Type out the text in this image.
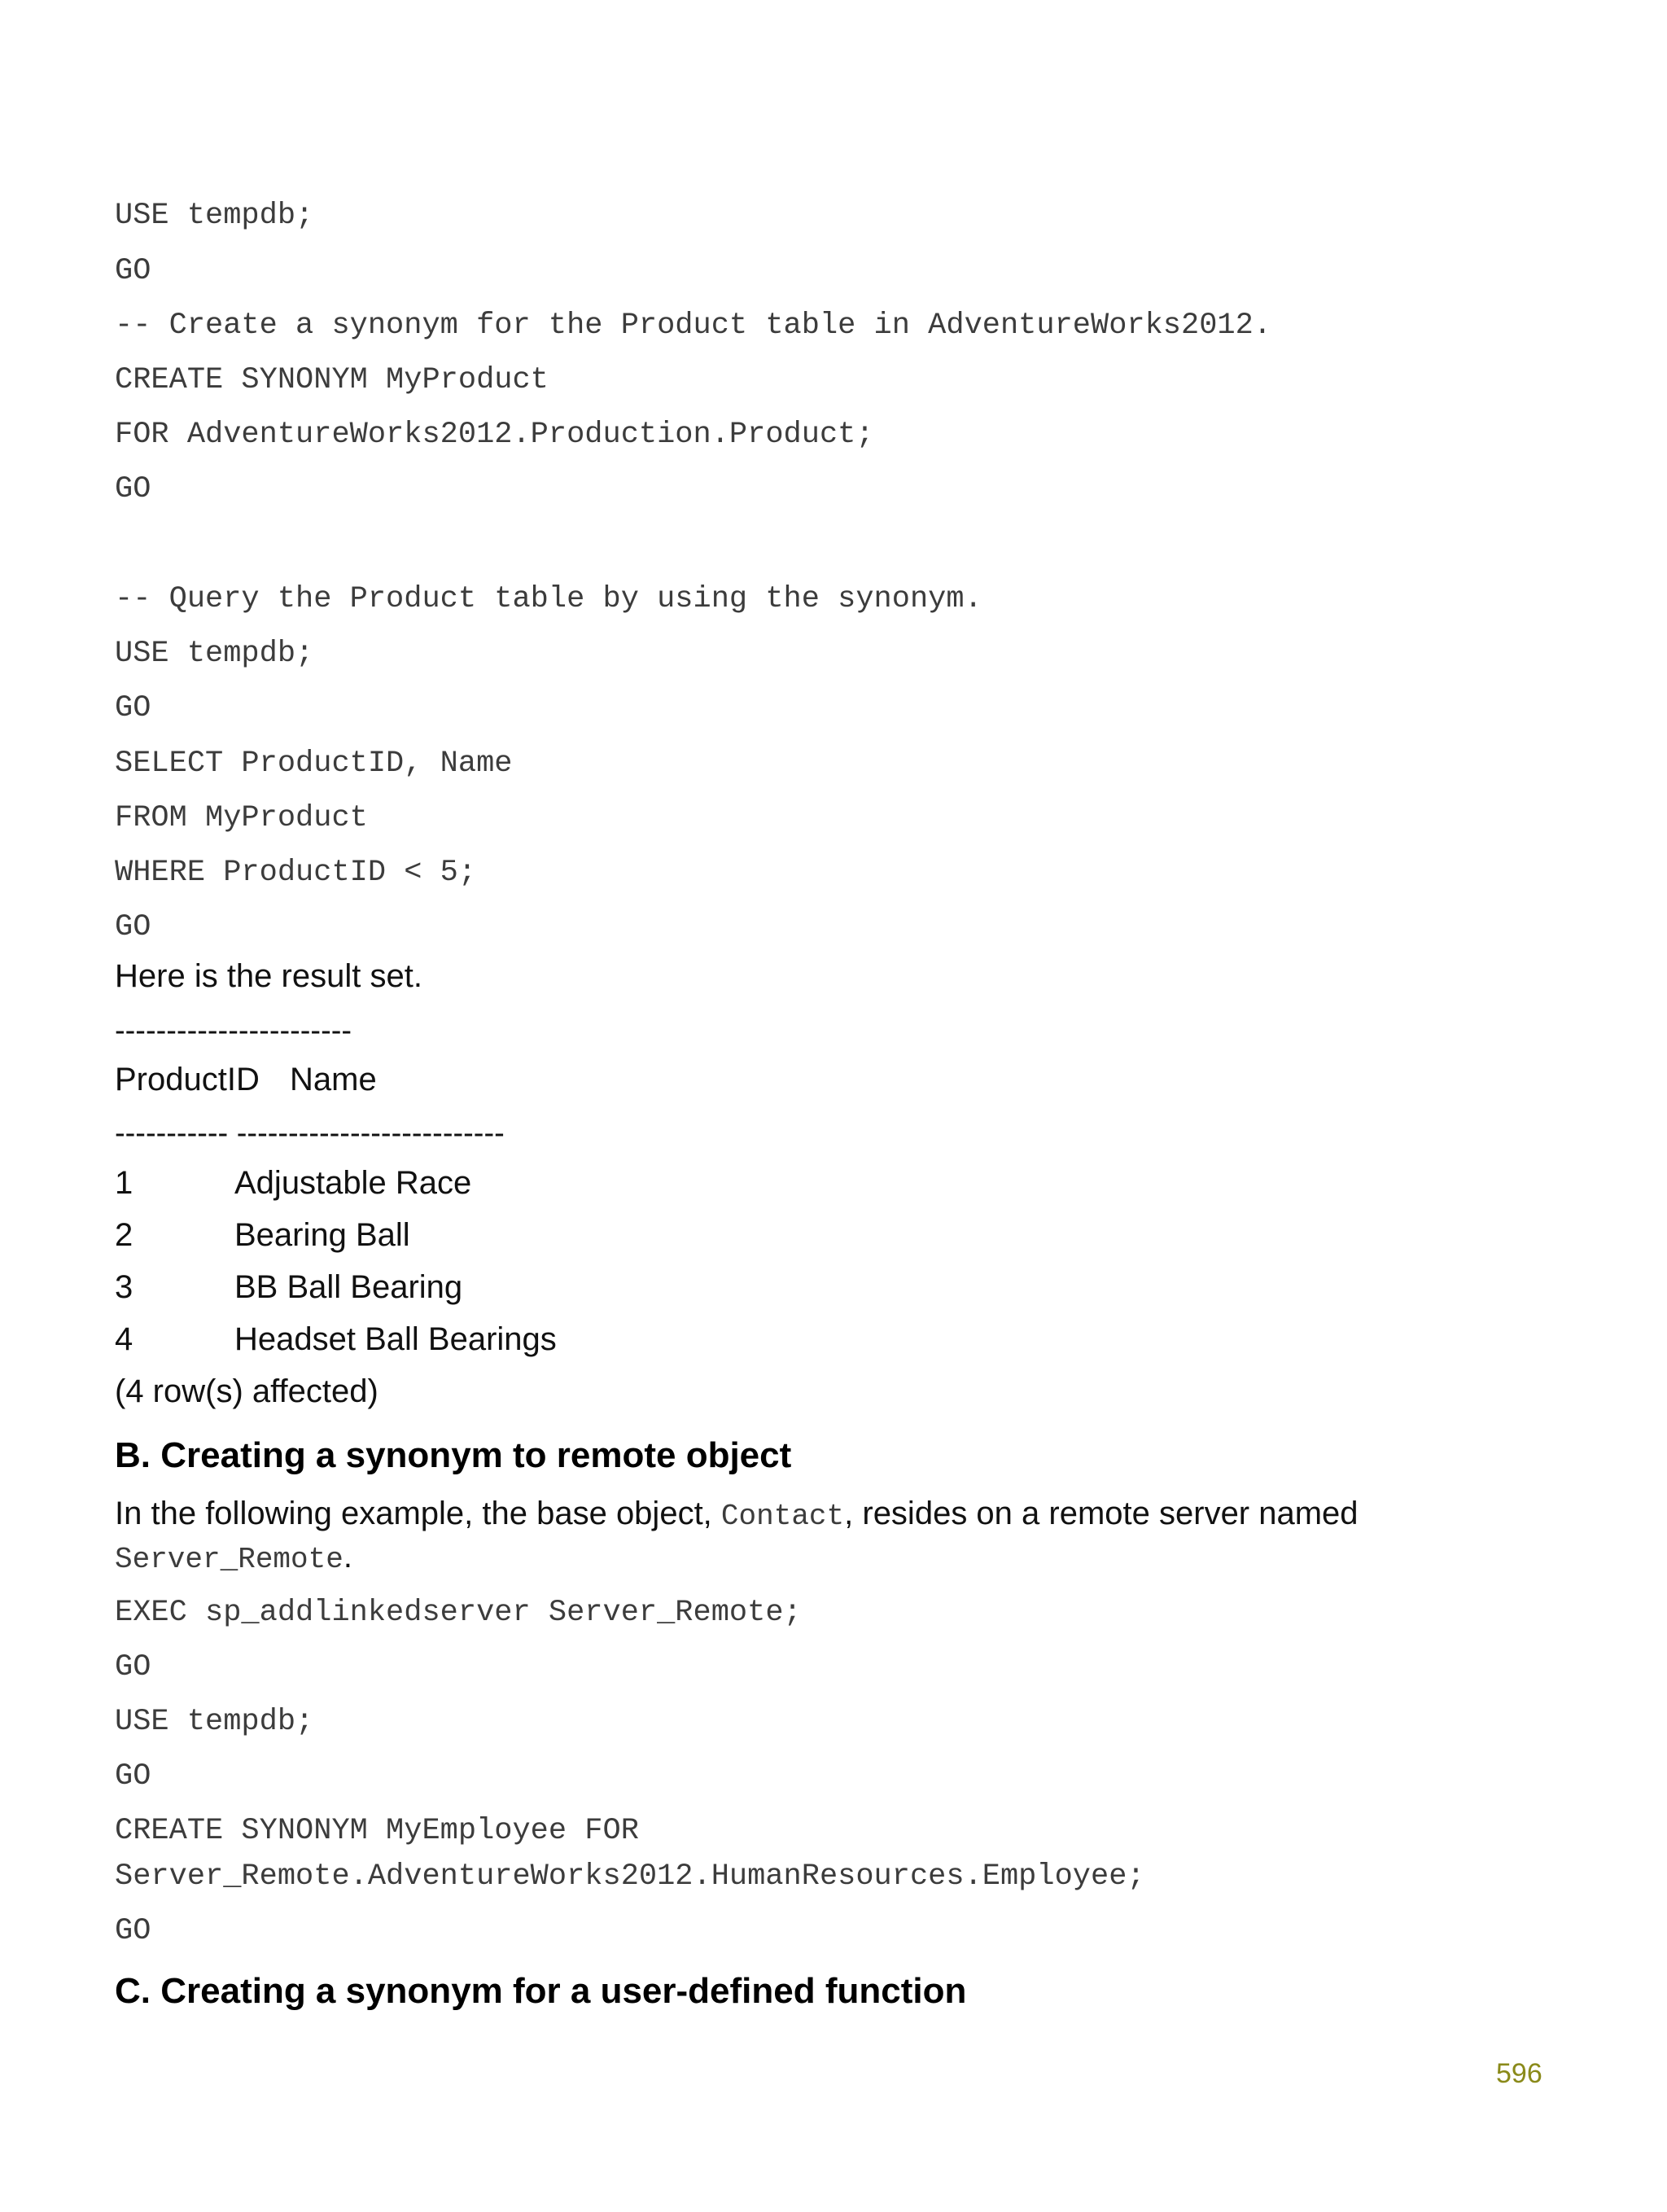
USE tempdb;
GO
-- Create a synonym for the Product table in AdventureWorks2012.
CREATE SYNONYM MyProduct
FOR AdventureWorks2012.Production.Product;
GO
-- Query the Product table by using the synonym.
USE tempdb;
GO
SELECT ProductID, Name
FROM MyProduct
WHERE ProductID < 5;
GO
Here is the result set.
-----------------------
ProductID Name
----------- --------------------------
1	Adjustable Race
2	Bearing Ball
3	BB Ball Bearing
4	Headset Ball Bearings
(4 row(s) affected)
B. Creating a synonym to remote object
In the following example, the base object, Contact, resides on a remote server named
Server_Remote.
EXEC sp_addlinkedserver Server_Remote;
GO
USE tempdb;
GO
CREATE SYNONYM MyEmployee FOR
Server_Remote.AdventureWorks2012.HumanResources.Employee;
GO
C. Creating a synonym for a user-defined function
596
